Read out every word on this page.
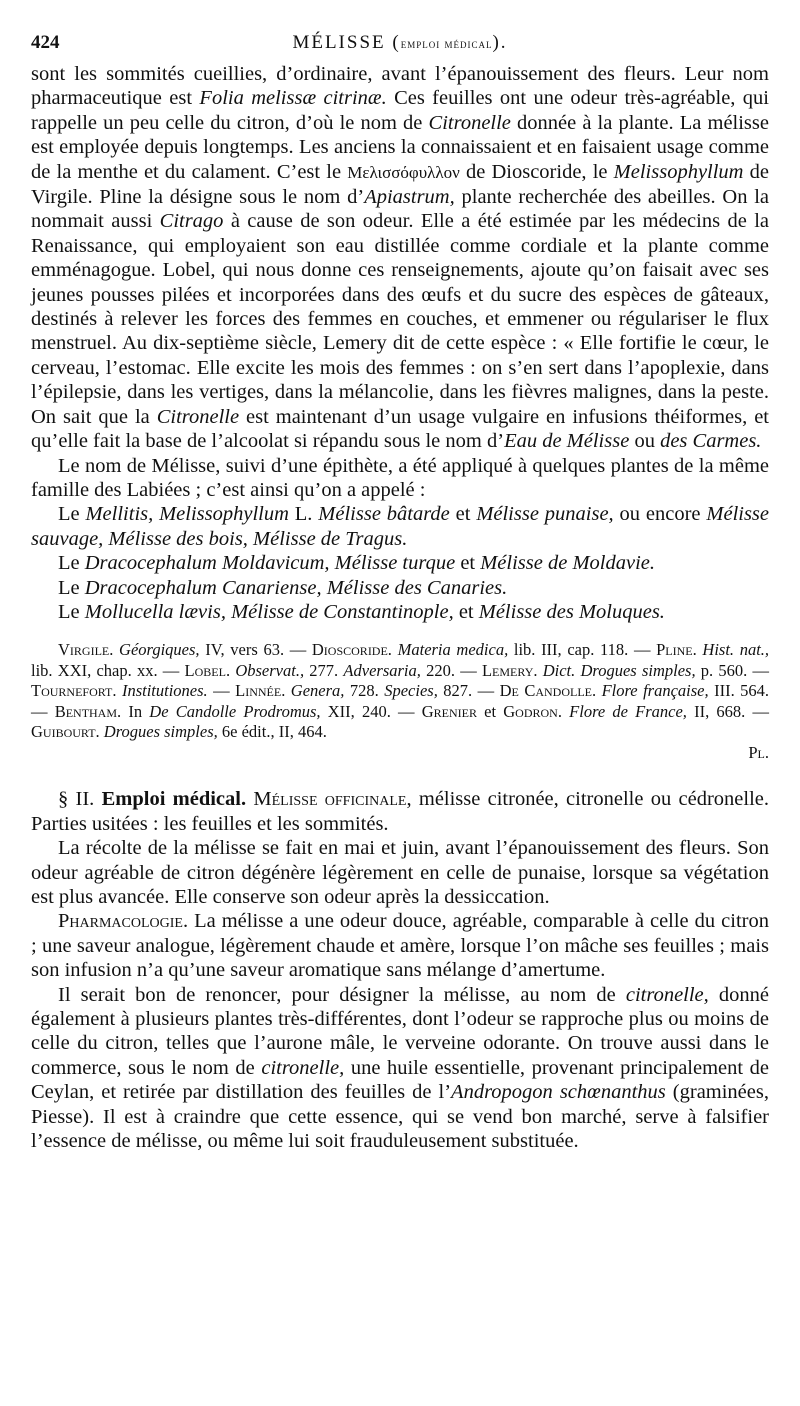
424	MÉLISSE (emploi médical).

sont les sommités cueillies, d’ordinaire, avant l’épanouissement des fleurs. Leur nom pharmaceutique est Folia melissæ citrinæ. Ces feuilles ont une odeur très-agréable, qui rappelle un peu celle du citron, d’où le nom de Citronelle donnée à la plante. La mélisse est employée depuis longtemps. Les anciens la connaissaient et en faisaient usage comme de la menthe et du calament. C’est le Μελισσόφυλλον de Dioscoride, le Melissophyllum de Virgile. Pline la désigne sous le nom d’Apiastrum, plante recherchée des abeilles. On la nommait aussi Citrago à cause de son odeur. Elle a été estimée par les médecins de la Renaissance, qui employaient son eau distillée comme cordiale et la plante comme emménagogue. Lobel, qui nous donne ces renseignements, ajoute qu’on faisait avec ses jeunes pousses pilées et incorporées dans des œufs et du sucre des espèces de gâteaux, destinés à relever les forces des femmes en couches, et emmener ou régulariser le flux menstruel. Au dix-septième siècle, Lemery dit de cette espèce : « Elle fortifie le cœur, le cerveau, l’estomac. Elle excite les mois des femmes : on s’en sert dans l’apoplexie, dans l’épilepsie, dans les vertiges, dans la mélancolie, dans les fièvres malignes, dans la peste. On sait que la Citronelle est maintenant d’un usage vulgaire en infusions théiformes, et qu’elle fait la base de l’alcoolat si répandu sous le nom d’Eau de Mélisse ou des Carmes.

Le nom de Mélisse, suivi d’une épithète, a été appliqué à quelques plantes de la même famille des Labiées ; c’est ainsi qu’on a appelé :

Le Mellitis, Melissophyllum L. Mélisse bâtarde et Mélisse punaise, ou encore Mélisse sauvage, Mélisse des bois, Mélisse de Tragus.

Le Dracocephalum Moldavicum, Mélisse turque et Mélisse de Moldavie.

Le Dracocephalum Canariense, Mélisse des Canaries.

Le Mollucella lævis, Mélisse de Constantinople, et Mélisse des Moluques.

Virgile. Géorgiques, IV, vers 63. — Dioscoride. Materia medica, lib. III, cap. 118. — Pline. Hist. nat., lib. XXI, chap. xx. — Lobel. Observat., 277. Adversaria, 220. — Lemery. Dict. Drogues simples, p. 560. — Tournefort. Institutiones. — Linnée. Genera, 728. Species, 827. — De Candolle. Flore française, III. 564. — Bentham. In De Candolle Prodromus, XII, 240. — Grenier et Godron. Flore de France, II, 668. — Guibourt. Drogues simples, 6e édit., II, 464.
Pl.

§ II. Emploi médical. Mélisse officinale, mélisse citronée, citronelle ou cédronelle. Parties usitées : les feuilles et les sommités.

La récolte de la mélisse se fait en mai et juin, avant l’épanouissement des fleurs. Son odeur agréable de citron dégénère légèrement en celle de punaise, lorsque sa végétation est plus avancée. Elle conserve son odeur après la dessiccation.

Pharmacologie. La mélisse a une odeur douce, agréable, comparable à celle du citron ; une saveur analogue, légèrement chaude et amère, lorsque l’on mâche ses feuilles ; mais son infusion n’a qu’une saveur aromatique sans mélange d’amertume.

Il serait bon de renoncer, pour désigner la mélisse, au nom de citronelle, donné également à plusieurs plantes très-différentes, dont l’odeur se rapproche plus ou moins de celle du citron, telles que l’aurone mâle, le verveine odorante. On trouve aussi dans le commerce, sous le nom de citronelle, une huile essentielle, provenant principalement de Ceylan, et retirée par distillation des feuilles de l’Andropogon schœnanthus (graminées, Piesse). Il est à craindre que cette essence, qui se vend bon marché, serve à falsifier l’essence de mélisse, ou même lui soit frauduleusement substituée.
